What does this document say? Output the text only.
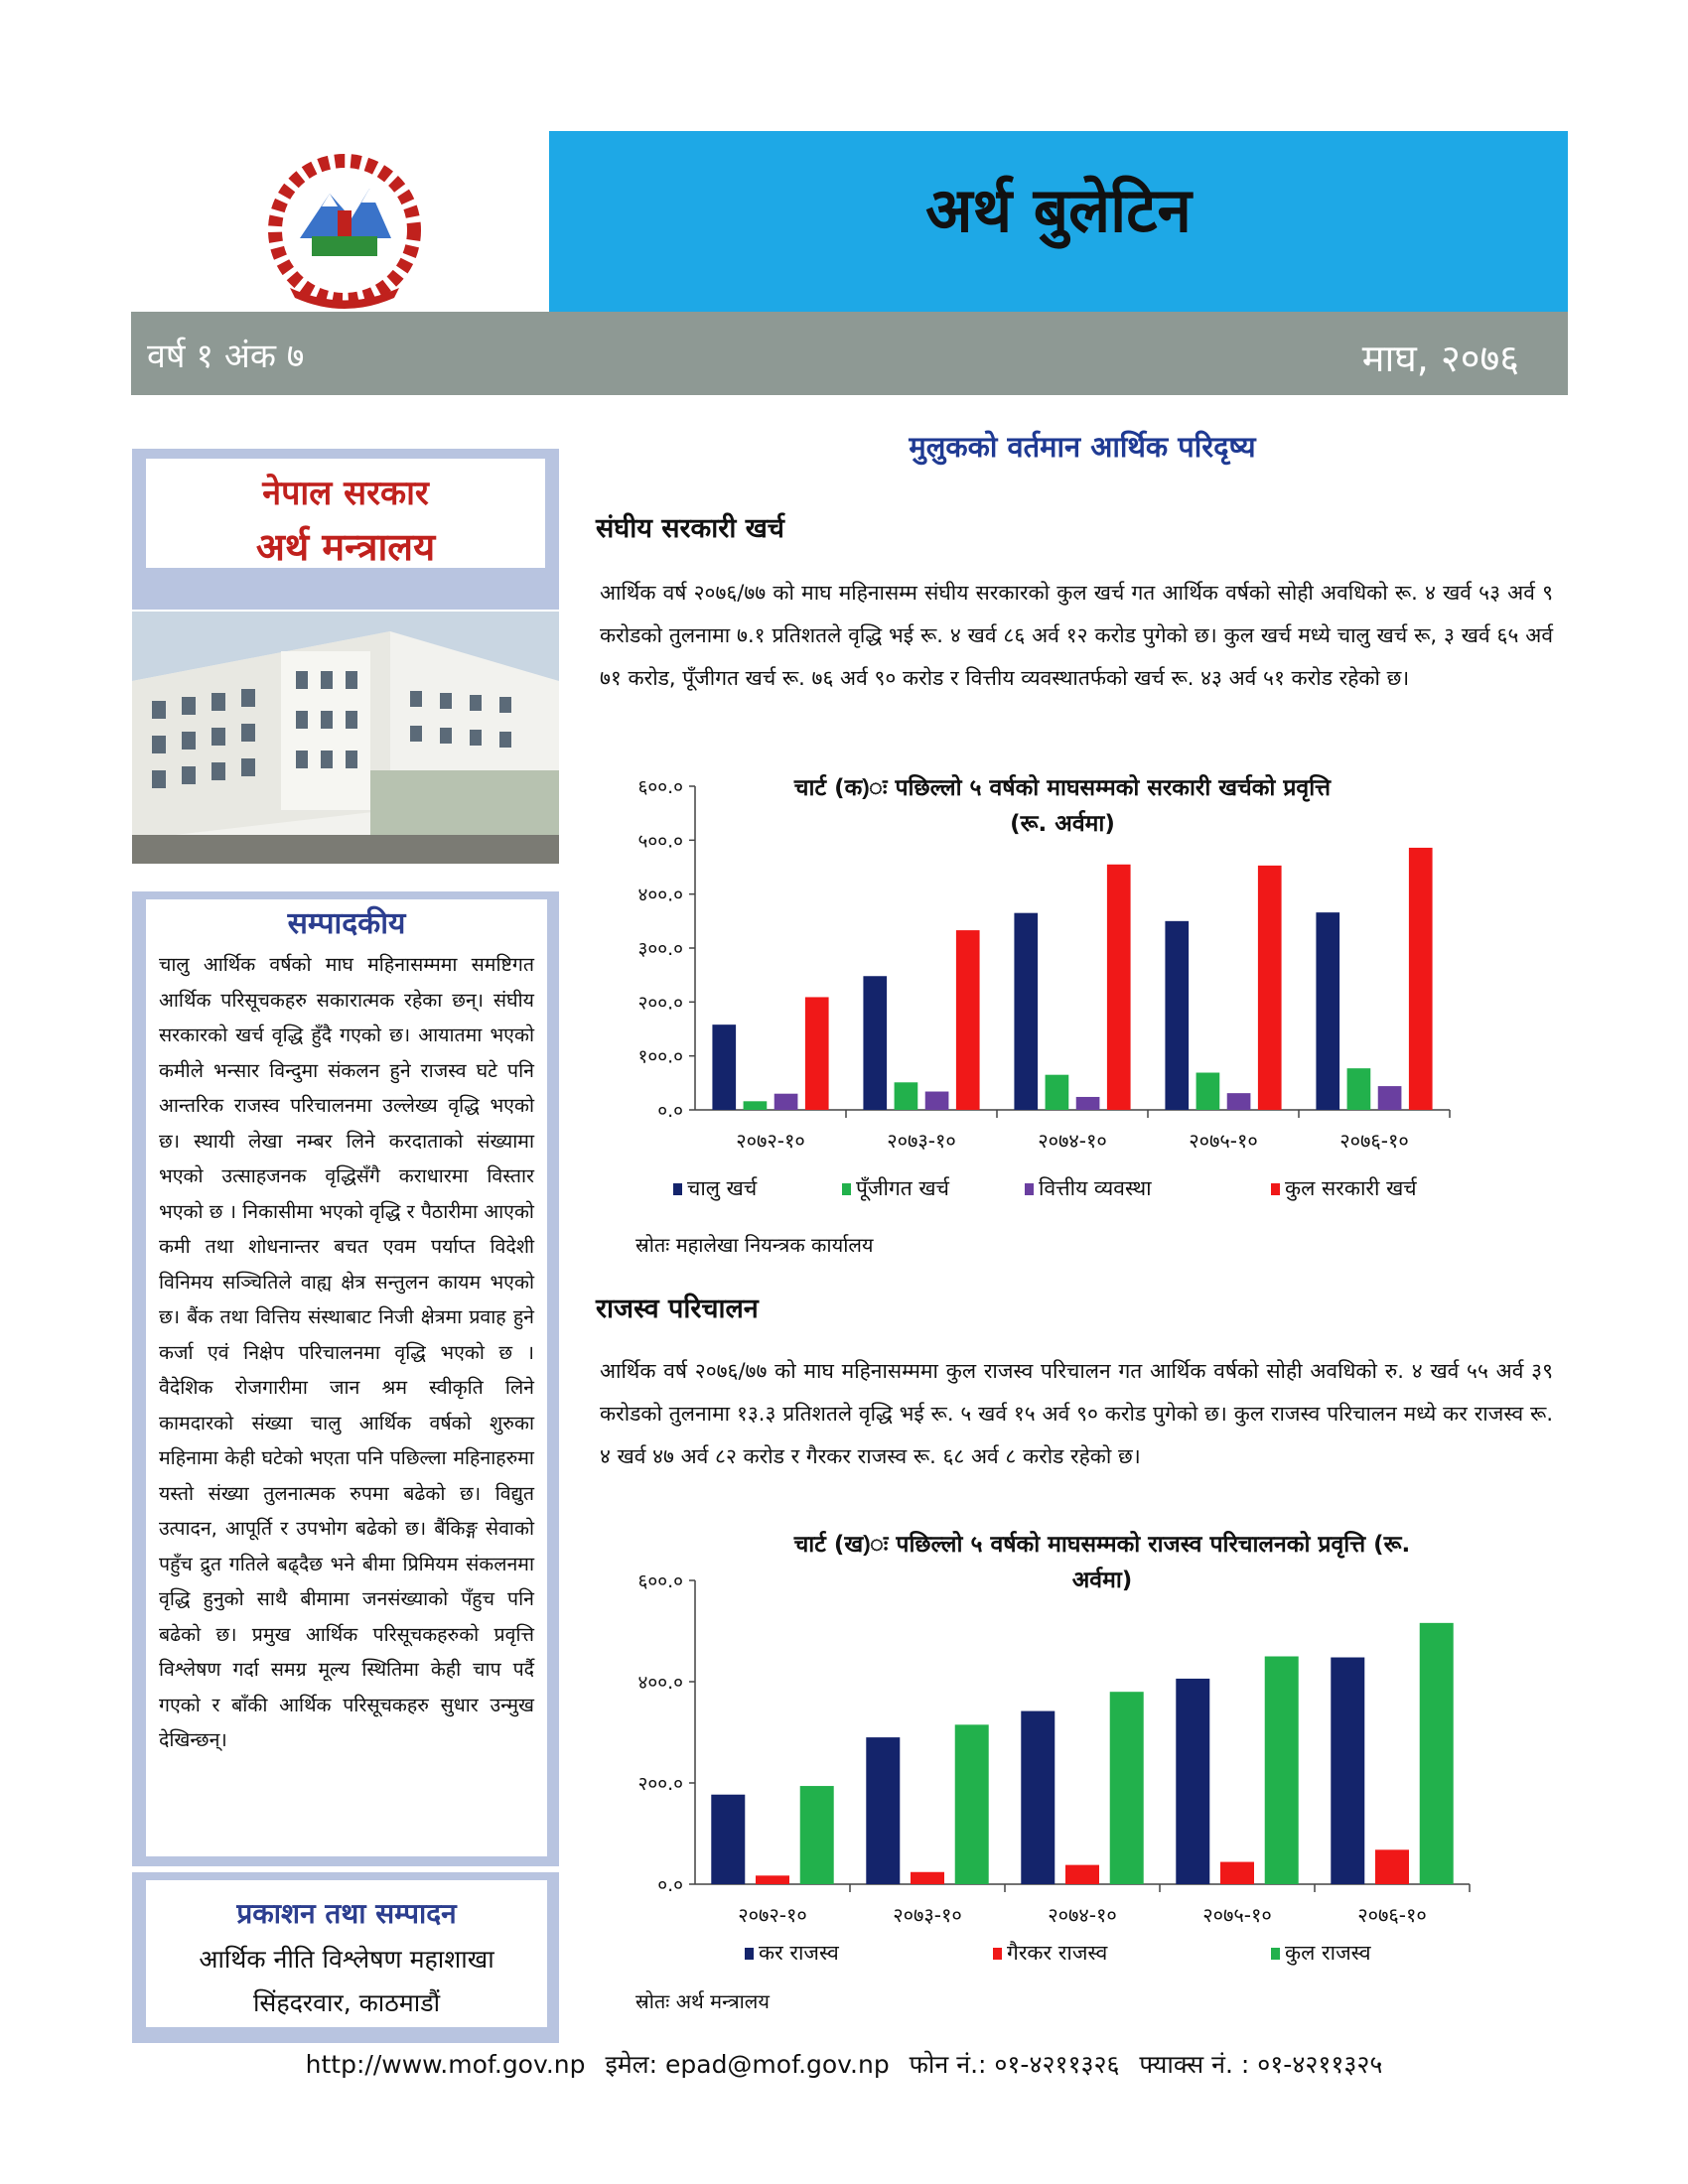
अर्थ बुलेटिन
वर्ष १ अंक ७	माघ, २०७६
नेपाल सरकार
अर्थ मन्त्रालय
सम्पादकीय
चालु आर्थिक वर्षको माघ महिनासम्ममा समष्टिगत आर्थिक परिसूचकहरु सकारात्मक रहेका छन्। संघीय सरकारको खर्च वृद्धि हुँदै गएको छ। आयातमा भएको कमीले भन्सार विन्दुमा संकलन हुने राजस्व घटे पनि आन्तरिक राजस्व परिचालनमा उल्लेख्य वृद्धि भएको छ। स्थायी लेखा नम्बर लिने करदाताको संख्यामा भएको उत्साहजनक वृद्धिसँगै कराधारमा विस्तार भएको छ । निकासीमा भएको वृद्धि र पैठारीमा आएको कमी तथा शोधनान्तर बचत एवम पर्याप्त विदेशी विनिमय सञ्चितिले वाह्य क्षेत्र सन्तुलन कायम भएको छ। बैंक तथा वित्तिय संस्थाबाट निजी क्षेत्रमा प्रवाह हुने कर्जा एवं निक्षेप परिचालनमा वृद्धि भएको छ । वैदेशिक रोजगारीमा जान श्रम स्वीकृति लिने कामदारको संख्या चालु आर्थिक वर्षको शुरुका महिनामा केही घटेको भएता पनि पछिल्ला महिनाहरुमा यस्तो संख्या तुलनात्मक रुपमा बढेको छ। विद्युत उत्पादन, आपूर्ति र उपभोग बढेको छ। बैंकिङ्ग सेवाको पहुँच द्रुत गतिले बढ्दैछ भने बीमा प्रिमियम संकलनमा वृद्धि हुनुको साथै बीमामा जनसंख्याको पँहुच पनि बढेको छ। प्रमुख आर्थिक परिसूचकहरुको प्रवृत्ति विश्लेषण गर्दा समग्र मूल्य स्थितिमा केही चाप पर्दै गएको र बाँकी आर्थिक परिसूचकहरु सुधार उन्मुख देखिन्छन्।
प्रकाशन तथा सम्पादन
आर्थिक नीति विश्लेषण महाशाखा
सिंहदरवार, काठमाडौं
मुलुकको वर्तमान आर्थिक परिदृष्य
संघीय सरकारी खर्च
आर्थिक वर्ष २०७६/७७ को माघ महिनासम्म संघीय सरकारको कुल खर्च गत आर्थिक वर्षको सोही अवधिको रू. ४ खर्व ५३ अर्व ९ करोडको तुलनामा ७.१ प्रतिशतले वृद्धि भई रू. ४ खर्व ८६ अर्व १२ करोड पुगेको छ। कुल खर्च मध्ये चालु खर्च रू, ३ खर्व ६५ अर्व ७१ करोड, पूँजीगत खर्च रू. ७६ अर्व ९० करोड र वित्तीय व्यवस्थातर्फको खर्च रू. ४३ अर्व ५१ करोड रहेको छ।
०.०
१००.०
२००.०
३००.०
४००.०
५००.०
६००.०
२०७२-१०	२०७३-१०	२०७४-१०	२०७५-१०	२०७६-१०
चालु खर्च	पूँजीगत खर्च	वित्तीय व्यवस्था	कुल सरकारी खर्च
चार्ट (क)ः पछिल्लो ५ वर्षको माघसम्मको सरकारी खर्चको प्रवृत्ति
(रू. अर्वमा)
स्रोतः महालेखा नियन्त्रक कार्यालय
राजस्व परिचालन
आर्थिक वर्ष २०७६/७७ को माघ महिनासम्ममा कुल राजस्व परिचालन गत आर्थिक वर्षको सोही अवधिको रु. ४ खर्व ५५ अर्व ३९ करोडको तुलनामा १३.३ प्रतिशतले वृद्धि भई रू. ५ खर्व १५ अर्व ९० करोड पुगेको छ। कुल राजस्व परिचालन मध्ये कर राजस्व रू. ४ खर्व ४७ अर्व ८२ करोड र गैरकर राजस्व रू. ६८ अर्व ८ करोड रहेको छ।
०.०
२००.०
४००.०
६००.०
२०७२-१०	२०७३-१०	२०७४-१०	२०७५-१०	२०७६-१०
कर राजस्व	गैरकर राजस्व	कुल राजस्व
चार्ट (ख)ः पछिल्लो ५ वर्षको माघसम्मको राजस्व परिचालनको प्रवृत्ति (रू.
अर्वमा)
स्रोतः अर्थ मन्त्रालय
http://www.mof.gov.np इमेल: epad@mof.gov.np फोन नं.: ०१-४२११३२६ फ्याक्स नं. : ०१-४२११३२५
